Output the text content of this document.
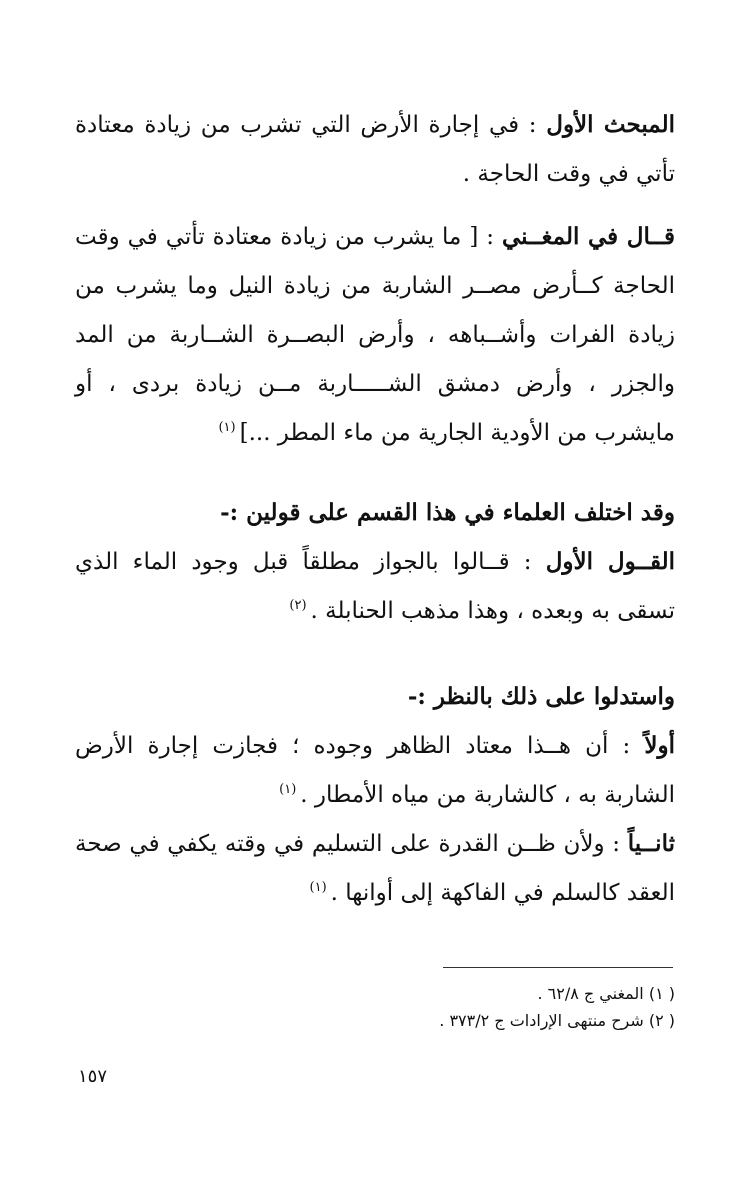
المبحث الأول : في إجارة الأرض التي تشرب من زيادة معتادة تأتي في وقت الحاجة .

قــال في المغــني : [ ما يشرب من زيادة معتادة تأتي في وقت الحاجة كــأرض مصــر الشاربة من زيادة النيل وما يشرب من زيادة الفرات وأشــباهه ، وأرض البصــرة الشــاربة من المد والجزر ، وأرض دمشق الشـــــاربة مــن زيادة بردى ، أو مايشرب من الأودية الجارية من ماء المطر ...]$^{(١)}$

وقد اختلف العلماء في هذا القسم على قولين :-

القــول الأول : قــالوا بالجواز مطلقاً قبل وجود الماء الذي تسقى به وبعده ، وهذا مذهب الحنابلة .$^{(٢)}$

واستدلوا على ذلك بالنظر :-

أولاً : أن هــذا معتاد الظاهر وجوده ؛ فجازت إجارة الأرض الشاربة به ، كالشاربة من مياه الأمطار .$^{(١)}$

ثانــياً : ولأن ظــن القدرة على التسليم في وقته يكفي في صحة العقد كالسلم في الفاكهة إلى أوانها .$^{(١)}$

( ١) المغني ج ٦٢/٨ .
( ٢) شرح منتهى الإرادات ج ٣٧٣/٢ .
١٥٧
